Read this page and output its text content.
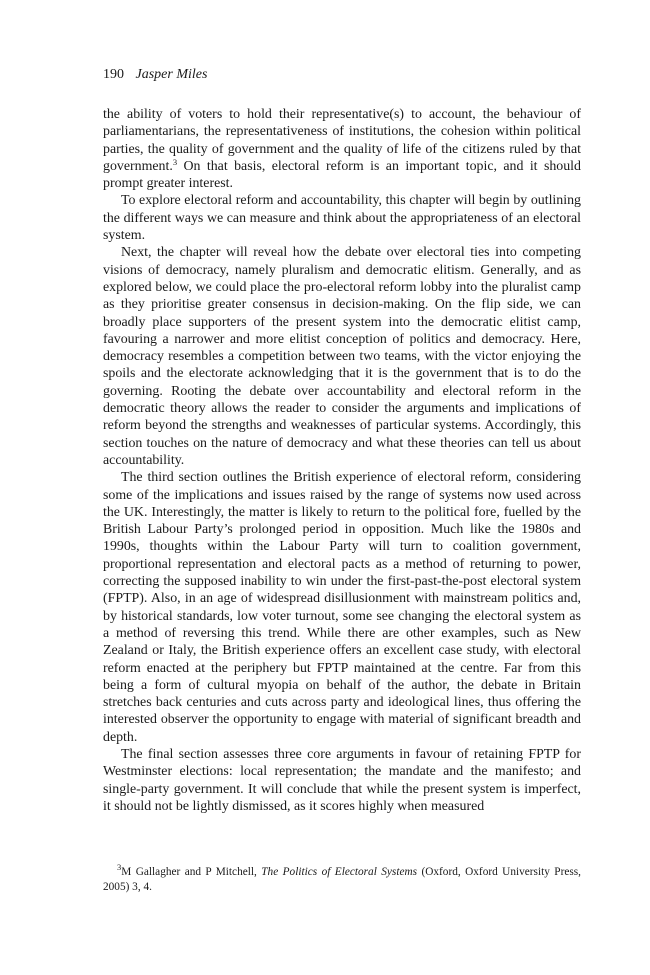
190 Jasper Miles

the ability of voters to hold their representative(s) to account, the behaviour of parliamentarians, the representativeness of institutions, the cohesion within political parties, the quality of government and the quality of life of the citizens ruled by that government.$^3$ On that basis, electoral reform is an important topic, and it should prompt greater interest.

To explore electoral reform and accountability, this chapter will begin by outlining the different ways we can measure and think about the appropriateness of an electoral system.

Next, the chapter will reveal how the debate over electoral ties into competing visions of democracy, namely pluralism and democratic elitism. Generally, and as explored below, we could place the pro-electoral reform lobby into the pluralist camp as they prioritise greater consensus in decision-making. On the flip side, we can broadly place supporters of the present system into the democratic elitist camp, favouring a narrower and more elitist conception of politics and democracy. Here, democracy resembles a competition between two teams, with the victor enjoying the spoils and the electorate acknowledging that it is the government that is to do the governing. Rooting the debate over accountability and electoral reform in the democratic theory allows the reader to consider the arguments and implications of reform beyond the strengths and weaknesses of particular systems. Accordingly, this section touches on the nature of democracy and what these theories can tell us about accountability.

The third section outlines the British experience of electoral reform, considering some of the implications and issues raised by the range of systems now used across the UK. Interestingly, the matter is likely to return to the political fore, fuelled by the British Labour Party’s prolonged period in opposition. Much like the 1980s and 1990s, thoughts within the Labour Party will turn to coalition government, proportional representation and electoral pacts as a method of returning to power, correcting the supposed inability to win under the first-past-the-post electoral system (FPTP). Also, in an age of widespread disillusionment with mainstream politics and, by historical standards, low voter turnout, some see changing the electoral system as a method of reversing this trend. While there are other examples, such as New Zealand or Italy, the British experience offers an excellent case study, with electoral reform enacted at the periphery but FPTP maintained at the centre. Far from this being a form of cultural myopia on behalf of the author, the debate in Britain stretches back centuries and cuts across party and ideological lines, thus offering the interested observer the opportunity to engage with material of significant breadth and depth.

The final section assesses three core arguments in favour of retaining FPTP for Westminster elections: local representation; the mandate and the manifesto; and single-party government. It will conclude that while the present system is imperfect, it should not be lightly dismissed, as it scores highly when measured

$^3$M Gallagher and P Mitchell, The Politics of Electoral Systems (Oxford, Oxford University Press, 2005) 3, 4.
